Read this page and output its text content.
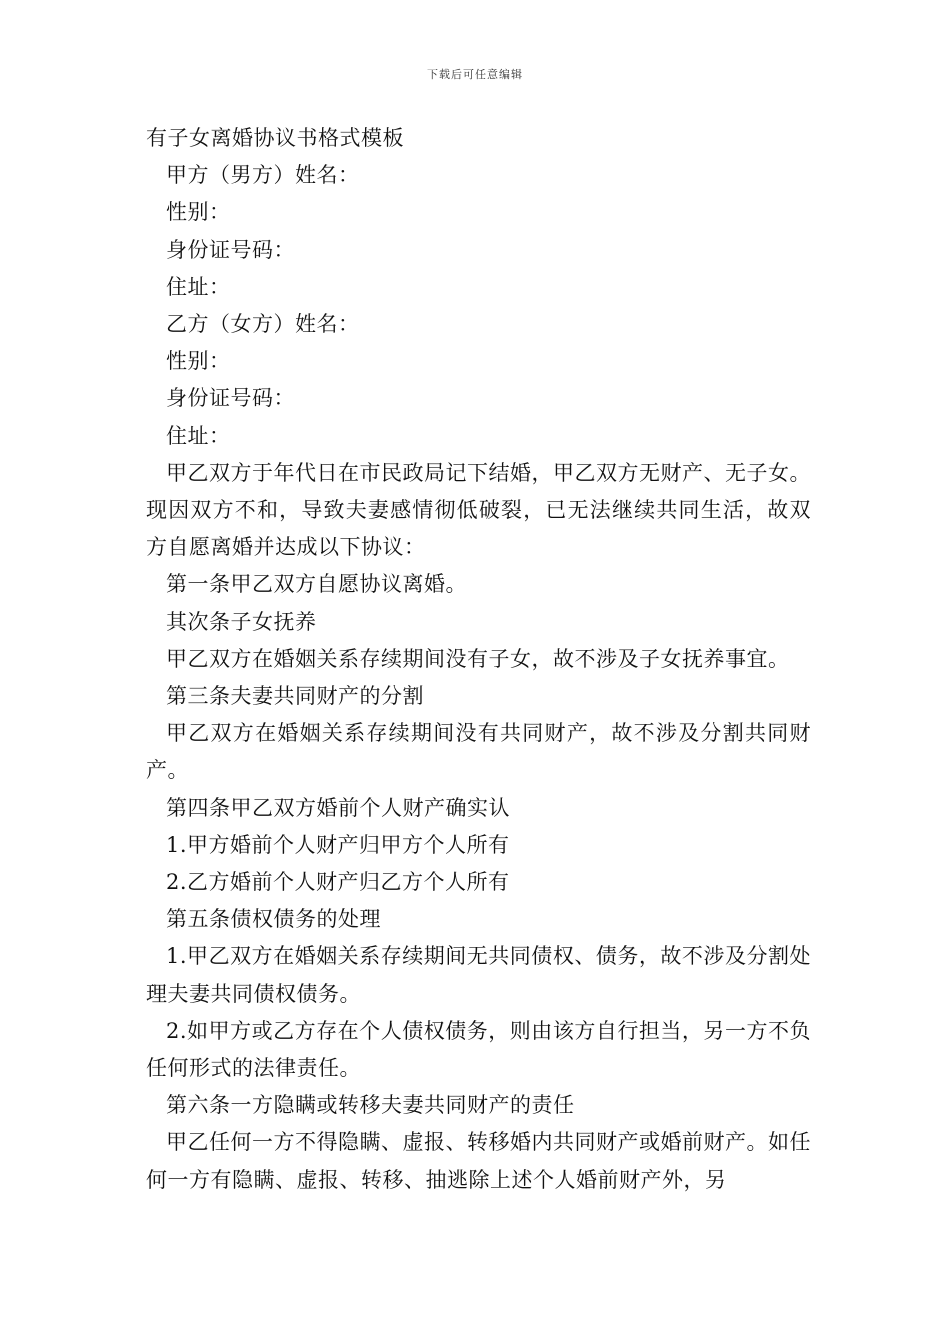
下载后可任意编辑

有子女离婚协议书格式模板

甲方（男方）姓名：

性别：

身份证号码：

住址：

乙方（女方）姓名：

性别：

身份证号码：

住址：

甲乙双方于年代日在市民政局记下结婚，甲乙双方无财产、无子女。现因双方不和，导致夫妻感情彻低破裂，已无法继续共同生活，故双方自愿离婚并达成以下协议：

第一条甲乙双方自愿协议离婚。

其次条子女抚养

甲乙双方在婚姻关系存续期间没有子女，故不涉及子女抚养事宜。

第三条夫妻共同财产的分割

甲乙双方在婚姻关系存续期间没有共同财产，故不涉及分割共同财产。

第四条甲乙双方婚前个人财产确实认

1.甲方婚前个人财产归甲方个人所有

2.乙方婚前个人财产归乙方个人所有

第五条债权债务的处理

1.甲乙双方在婚姻关系存续期间无共同债权、债务，故不涉及分割处理夫妻共同债权债务。

2.如甲方或乙方存在个人债权债务，则由该方自行担当，另一方不负任何形式的法律责任。

第六条一方隐瞒或转移夫妻共同财产的责任

甲乙任何一方不得隐瞒、虚报、转移婚内共同财产或婚前财产。如任何一方有隐瞒、虚报、转移、抽逃除上述个人婚前财产外，另
